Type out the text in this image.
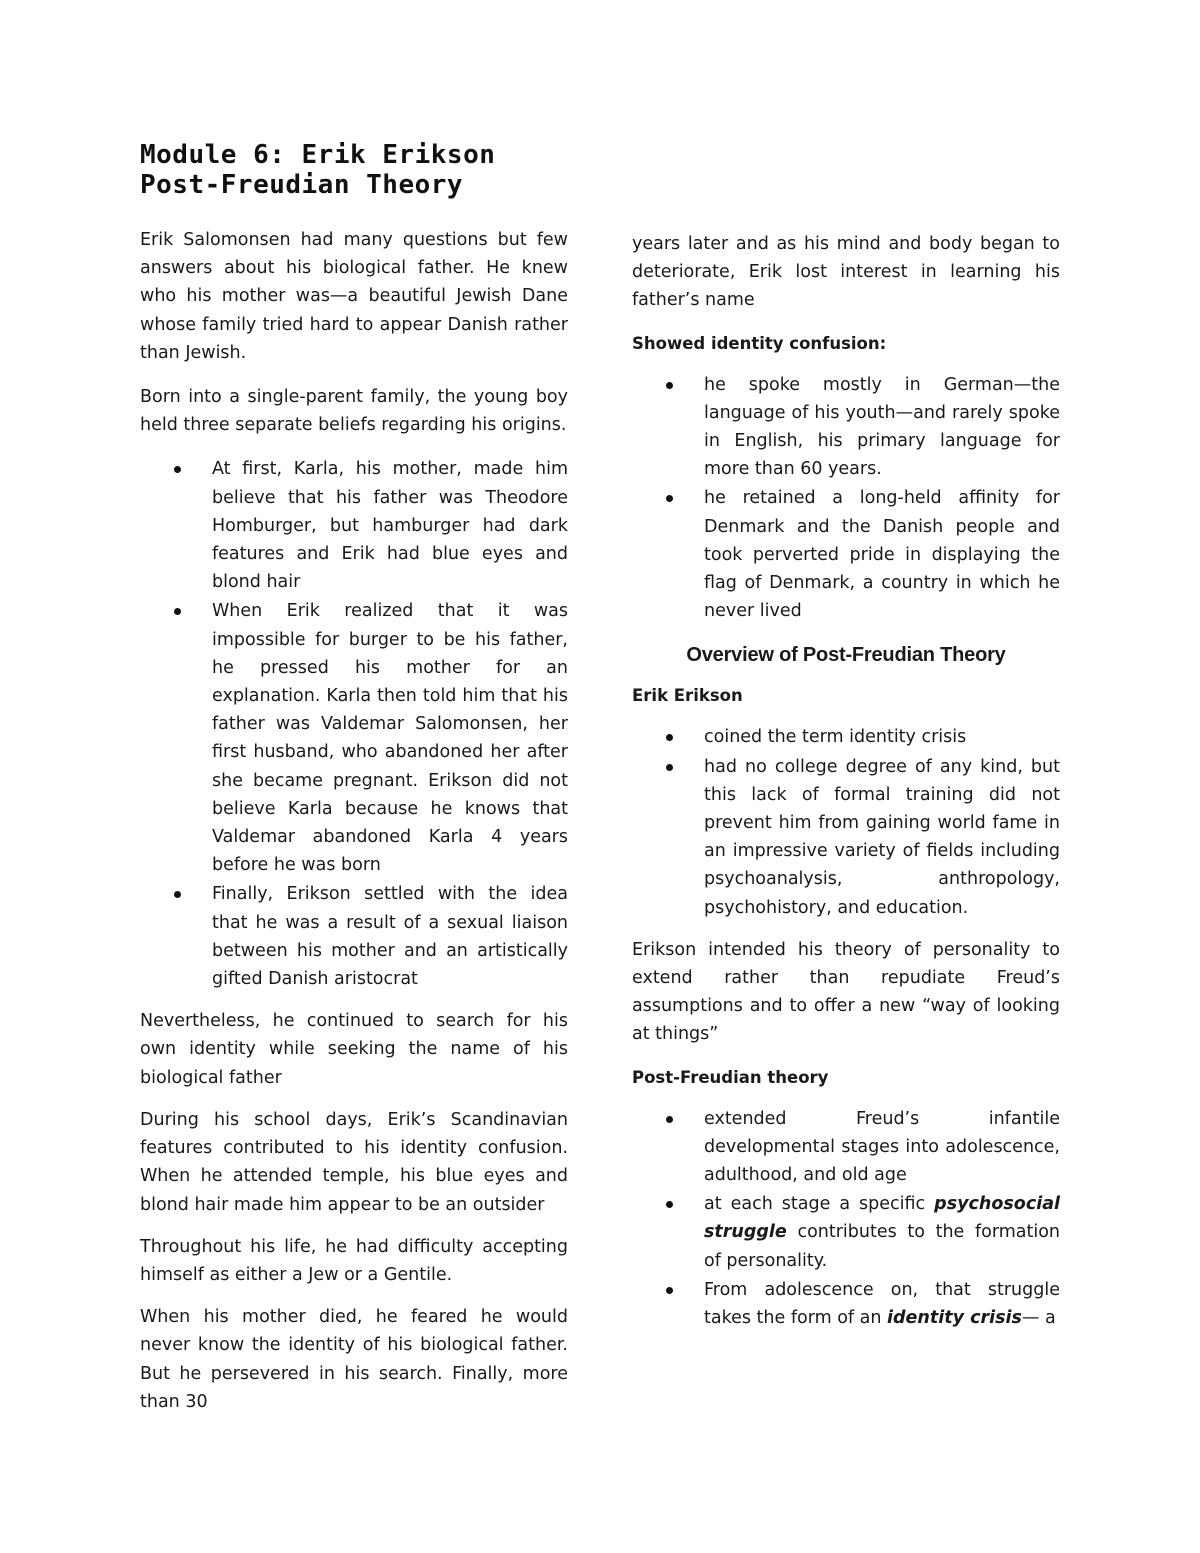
Module 6: Erik Erikson Post-Freudian Theory

Erik Salomonsen had many questions but few answers about his biological father. He knew who his mother was—a beautiful Jewish Dane whose family tried hard to appear Danish rather than Jewish.

Born into a single-parent family, the young boy held three separate beliefs regarding his origins.

At first, Karla, his mother, made him believe that his father was Theodore Homburger, but hamburger had dark features and Erik had blue eyes and blond hair
When Erik realized that it was impossible for burger to be his father, he pressed his mother for an explanation. Karla then told him that his father was Valdemar Salomonsen, her first husband, who abandoned her after she became pregnant. Erikson did not believe Karla because he knows that Valdemar abandoned Karla 4 years before he was born
Finally, Erikson settled with the idea that he was a result of a sexual liaison between his mother and an artistically gifted Danish aristocrat

Nevertheless, he continued to search for his own identity while seeking the name of his biological father

During his school days, Erik’s Scandinavian features contributed to his identity confusion. When he attended temple, his blue eyes and blond hair made him appear to be an outsider

Throughout his life, he had difficulty accepting himself as either a Jew or a Gentile.

When his mother died, he feared he would never know the identity of his biological father. But he persevered in his search. Finally, more than 30

years later and as his mind and body began to deteriorate, Erik lost interest in learning his father’s name

Showed identity confusion:
he spoke mostly in German—the language of his youth—and rarely spoke in English, his primary language for more than 60 years.
he retained a long-held affinity for Denmark and the Danish people and took perverted pride in displaying the flag of Denmark, a country in which he never lived
Overview of Post-Freudian Theory
Erik Erikson
coined the term identity crisis
had no college degree of any kind, but this lack of formal training did not prevent him from gaining world fame in an impressive variety of fields including psychoanalysis, anthropology, psychohistory, and education.

Erikson intended his theory of personality to extend rather than repudiate Freud’s assumptions and to offer a new “way of looking at things”

Post-Freudian theory
extended Freud’s infantile developmental stages into adolescence, adulthood, and old age
at each stage a specific psychosocial struggle contributes to the formation of personality.
From adolescence on, that struggle takes the form of an identity crisis— a
